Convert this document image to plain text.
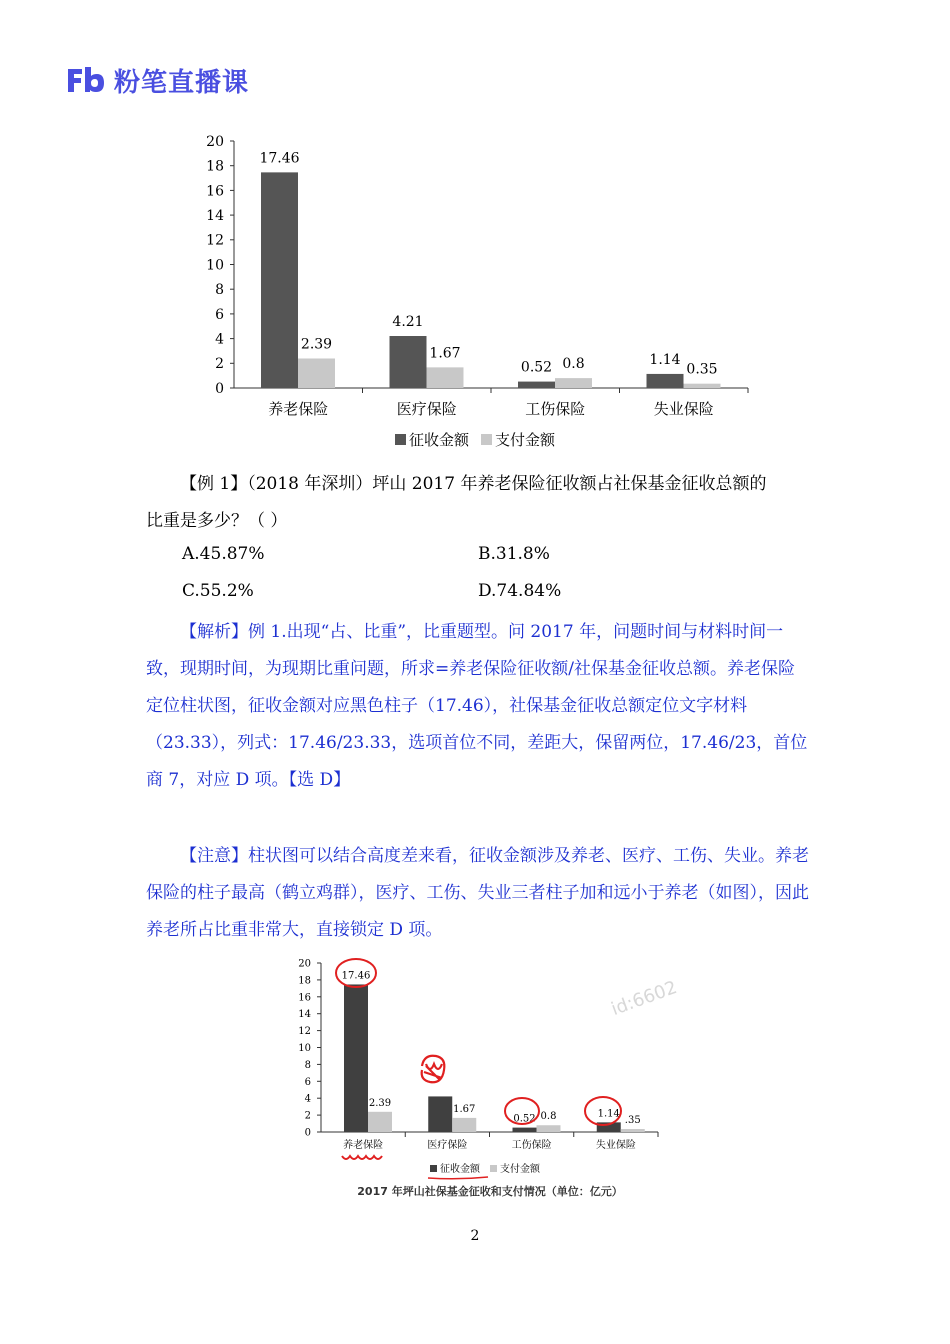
粉笔直播课
0
2
4
6
8
10
12
14
16
18
20
养老保险
17.46
2.39
医疗保险
4.21
1.67
工伤保险
0.52 0.8
失业保险
1.14
0.35
征收金额 支付金额

【例 1】（2018 年深圳）坪山 2017 年养老保险征收额占社保基金征收总额的

比重是多少？（ ）

A.45.87%	B.31.8%
C.55.2%	D.74.84%

【解析】例 1.出现“占、比重”，比重题型。问 2017 年，问题时间与材料时间一致，现期时间，为现期比重问题，所求=养老保险征收额/社保基金征收总额。养老保险定位柱状图，征收金额对应黑色柱子（17.46），社保基金征收总额定位文字材料（23.33），列式：17.46/23.33，选项首位不同，差距大，保留两位，17.46/23，首位商 7，对应 D 项。【选 D】

【注意】柱状图可以结合高度差来看，征收金额涉及养老、医疗、工伤、失业。养老保险的柱子最高（鹤立鸡群），医疗、工伤、失业三者柱子加和远小于养老（如图），因此养老所占比重非常大，直接锁定 D 项。

0
2
4
6
8
10
12
14
16
18
20
养老保险
17.46
2.39
医疗保险
1.67
工伤保险
0.52 0.8
失业保险
1.14
.35
征收金额 支付金额
id:6602
2017 年坪山社保基金征收和支付情况（单位：亿元）
2
